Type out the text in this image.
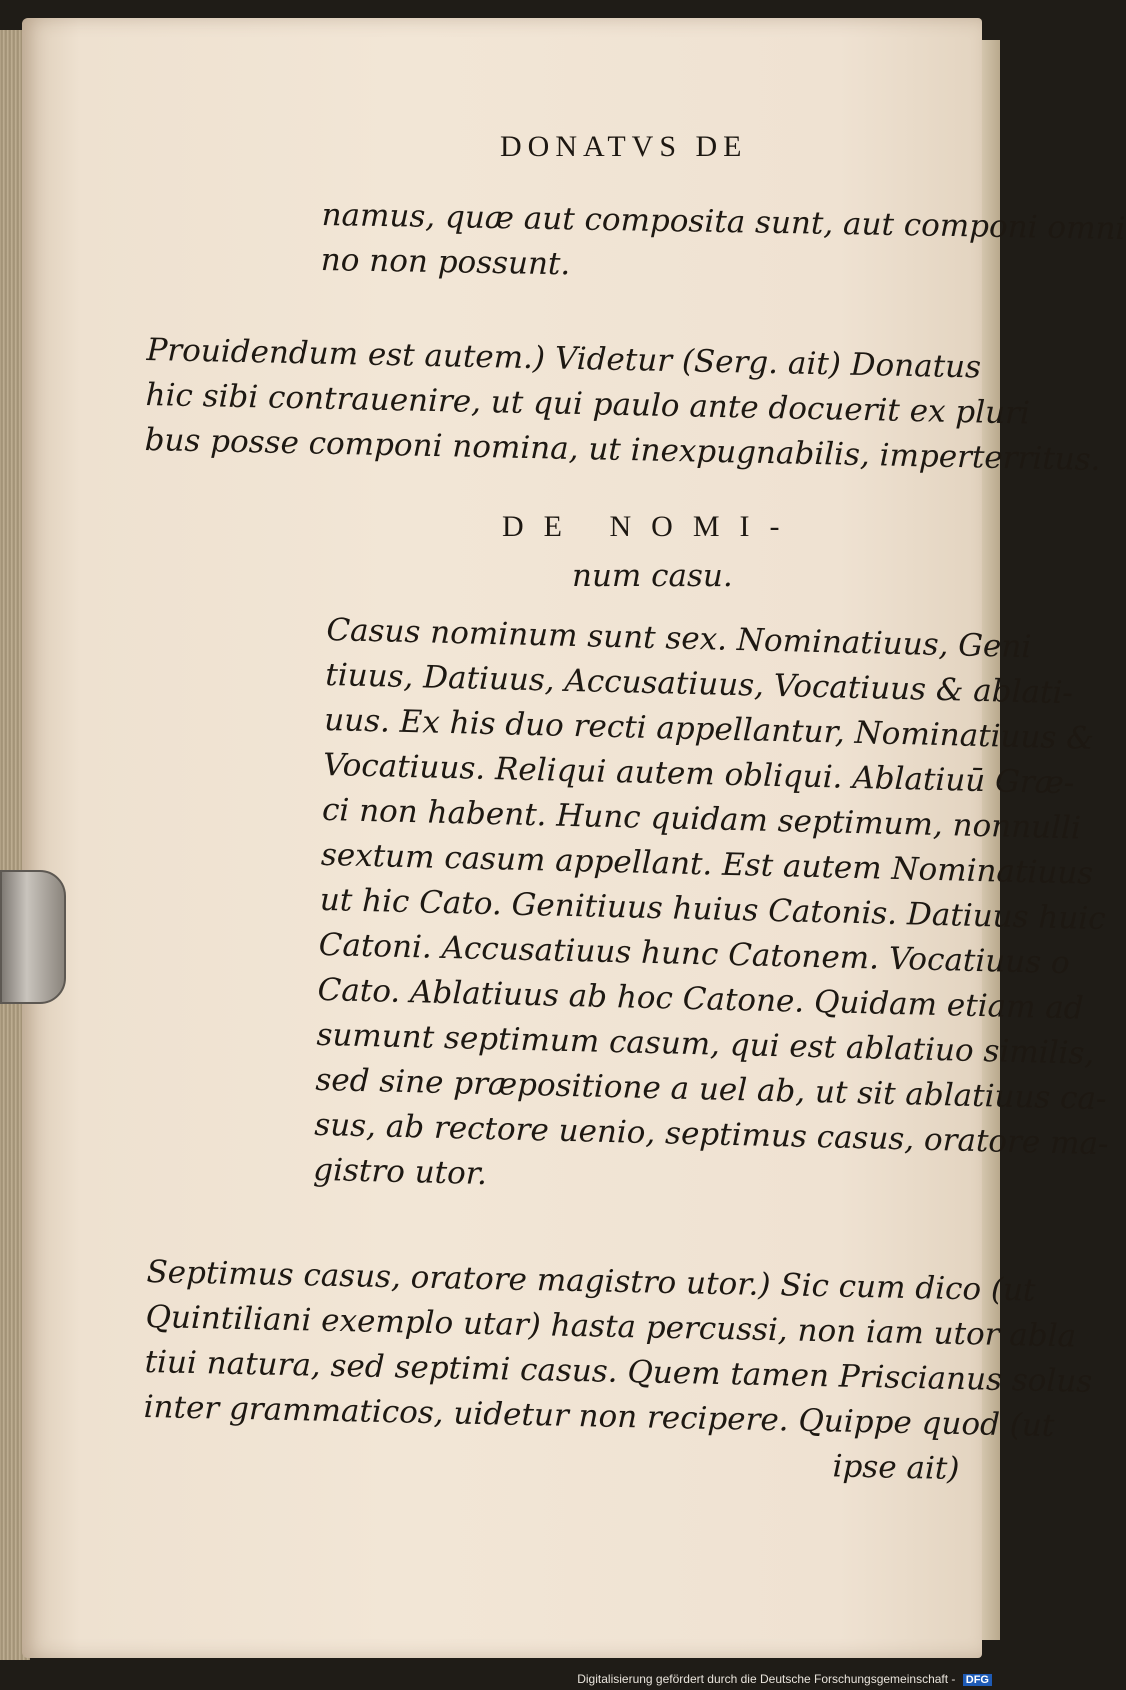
DONATVS DE

namus, quæ aut composita sunt, aut componi omni
no non possunt.
Prouidendum est autem.) Videtur (Serg. ait) Donatus
hic sibi contrauenire, ut qui paulo ante docuerit ex pluri
bus posse componi nomina, ut inexpugnabilis, imperterritus.

DE NOMI-

num casu.
Casus nominum sunt sex. Nominatiuus, Geni
tiuus, Datiuus, Accusatiuus, Vocatiuus & ablati-
uus. Ex his duo recti appellantur, Nominatiuus &
Vocatiuus. Reliqui autem obliqui. Ablatiuū Græ-
ci non habent. Hunc quidam septimum, nonnulli
sextum casum appellant. Est autem Nominatiuus
ut hic Cato. Genitiuus huius Catonis. Datiuus huic
Catoni. Accusatiuus hunc Catonem. Vocatiuus o
Cato. Ablatiuus ab hoc Catone. Quidam etiam ad
sumunt septimum casum, qui est ablatiuo similis,
sed sine præpositione a uel ab, ut sit ablatiuus ca-
sus, ab rectore uenio, septimus casus, oratore ma-
gistro utor.
Septimus casus, oratore magistro utor.) Sic cum dico (ut
Quintiliani exemplo utar) hasta percussi, non iam utor abla
tiui natura, sed septimi casus. Quem tamen Priscianus solus
inter grammaticos, uidetur non recipere. Quippe quod (ut
ipse ait)

Digitalisierung gefördert durch die Deutsche Forschungsgemeinschaft - DFG
